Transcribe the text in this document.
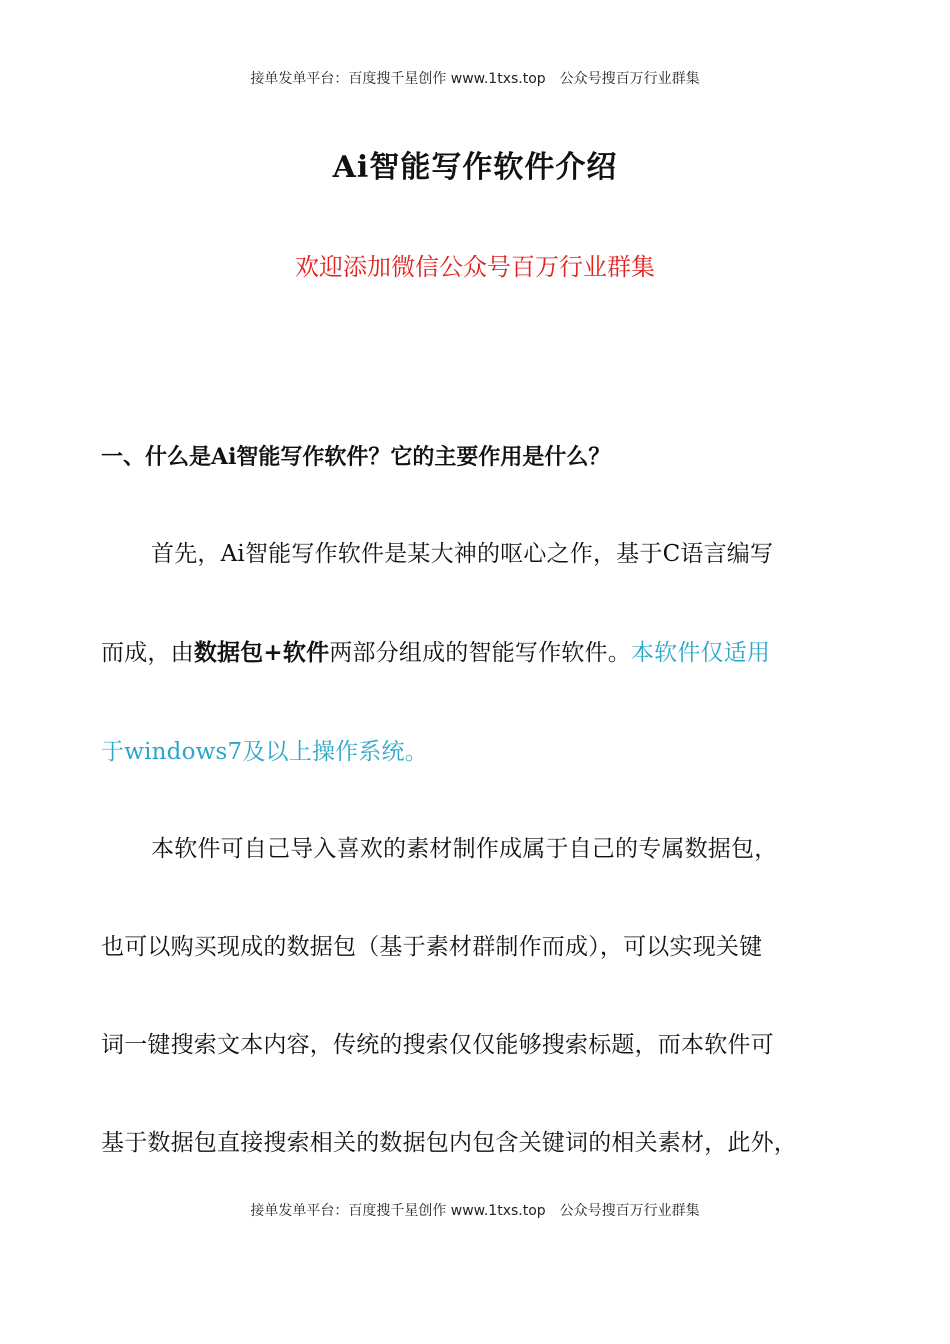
接单发单平台：百度搜千星创作 www.1txs.top 公众号搜百万行业群集
Ai智能写作软件介绍
欢迎添加微信公众号百万行业群集
一、什么是Ai智能写作软件？它的主要作用是什么？
首先，Ai智能写作软件是某大神的呕心之作，基于C语言编写
而成，由数据包+软件两部分组成的智能写作软件。本软件仅适用
于windows7及以上操作系统。
本软件可自己导入喜欢的素材制作成属于自己的专属数据包，
也可以购买现成的数据包（基于素材群制作而成），可以实现关键
词一键搜索文本内容，传统的搜索仅仅能够搜索标题，而本软件可
基于数据包直接搜索相关的数据包内包含关键词的相关素材，此外，
接单发单平台：百度搜千星创作 www.1txs.top 公众号搜百万行业群集
